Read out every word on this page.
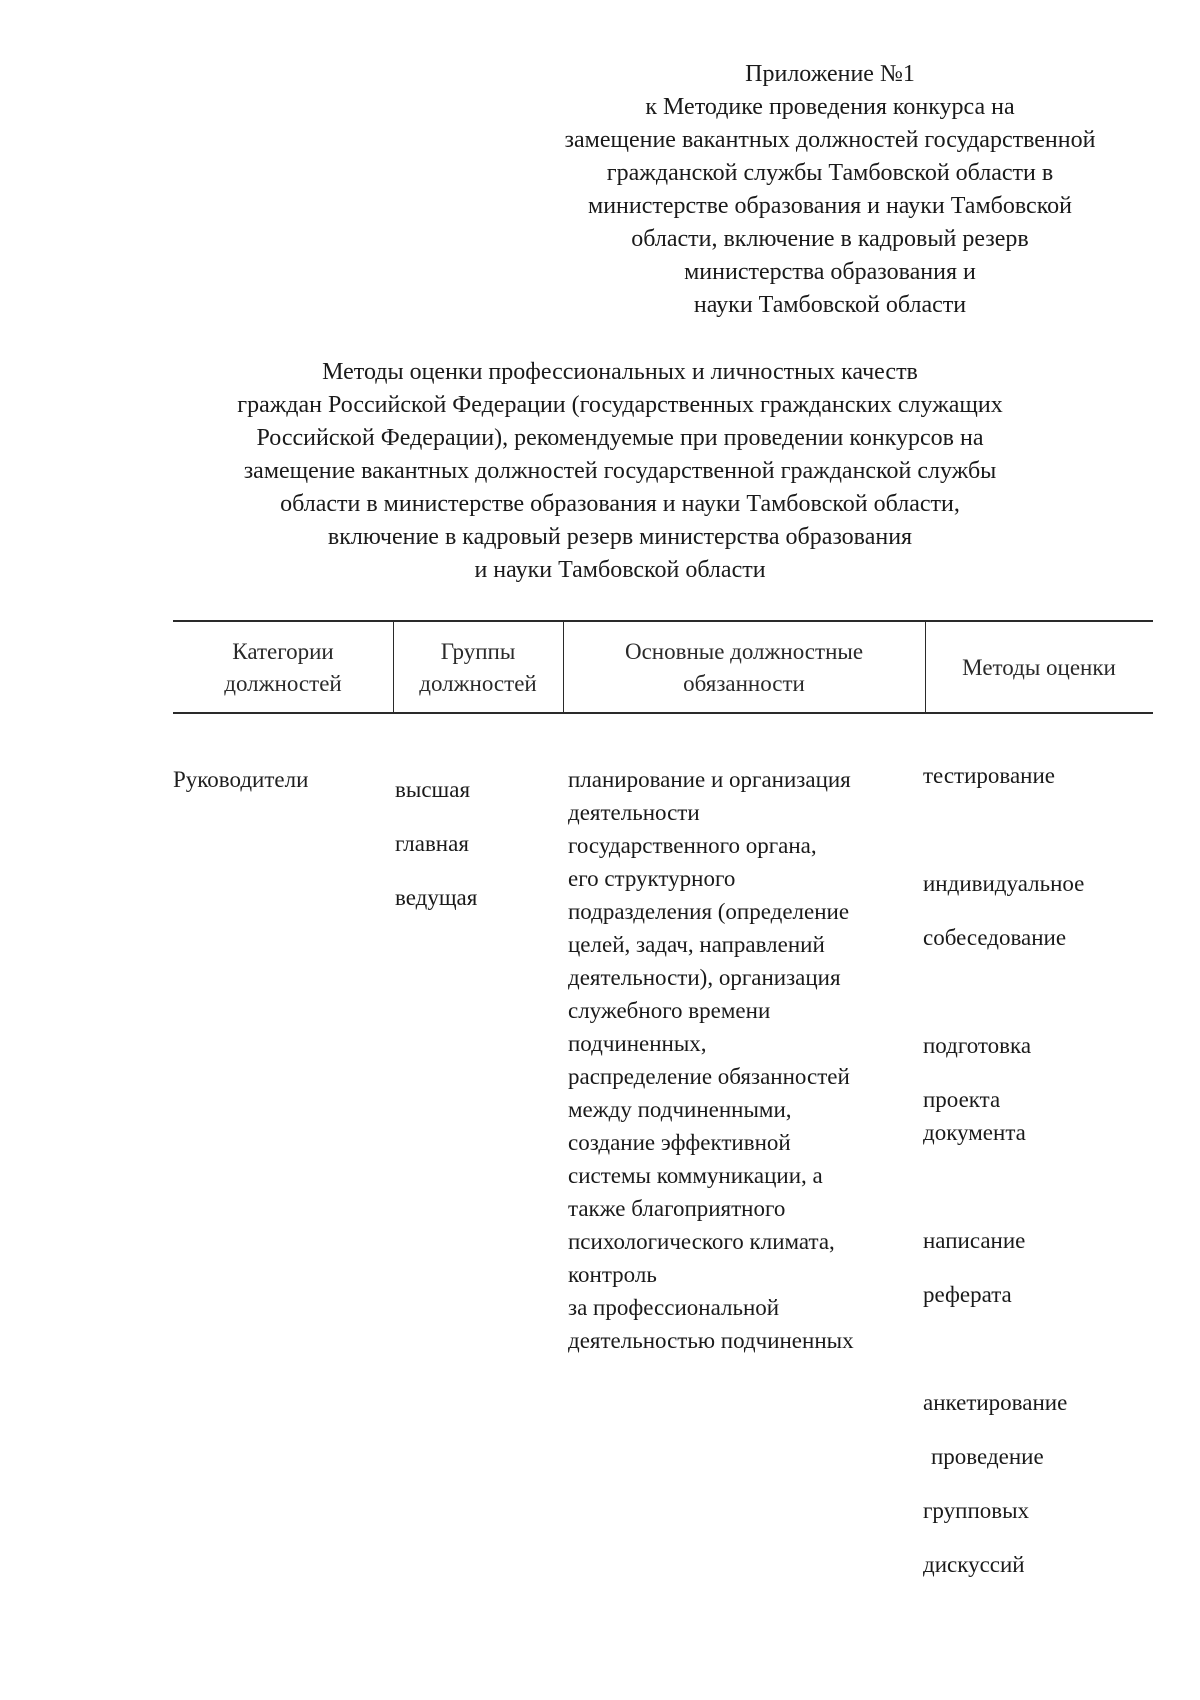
Приложение №1
к Методике проведения конкурса на
замещение вакантных должностей государственной
гражданской службы Тамбовской области в
министерстве образования и науки Тамбовской
области, включение в кадровый резерв
министерства образования и
науки Тамбовской области
Методы оценки профессиональных и личностных качеств
граждан Российской Федерации (государственных гражданских служащих
Российской Федерации), рекомендуемые при проведении конкурсов на
замещение вакантных должностей государственной гражданской службы
области в министерстве образования и науки Тамбовской области,
включение в кадровый резерв министерства образования
и науки Тамбовской области
Категории
должностей
Группы
должностей
Основные должностные
обязанности
Методы оценки
Руководители	высшая
главная
ведущая
планирование и организация
деятельности
государственного органа,
его структурного
подразделения (определение
целей, задач, направлений
деятельности), организация
служебного времени
подчиненных,
распределение обязанностей
между подчиненными,
создание эффективной
системы коммуникации, а
также благоприятного
психологического климата,
контроль
за профессиональной
деятельностью подчиненных
тестирование
индивидуальное
собеседование
подготовка
проекта
документа
написание
реферата
анкетирование
проведение
групповых
дискуссий
